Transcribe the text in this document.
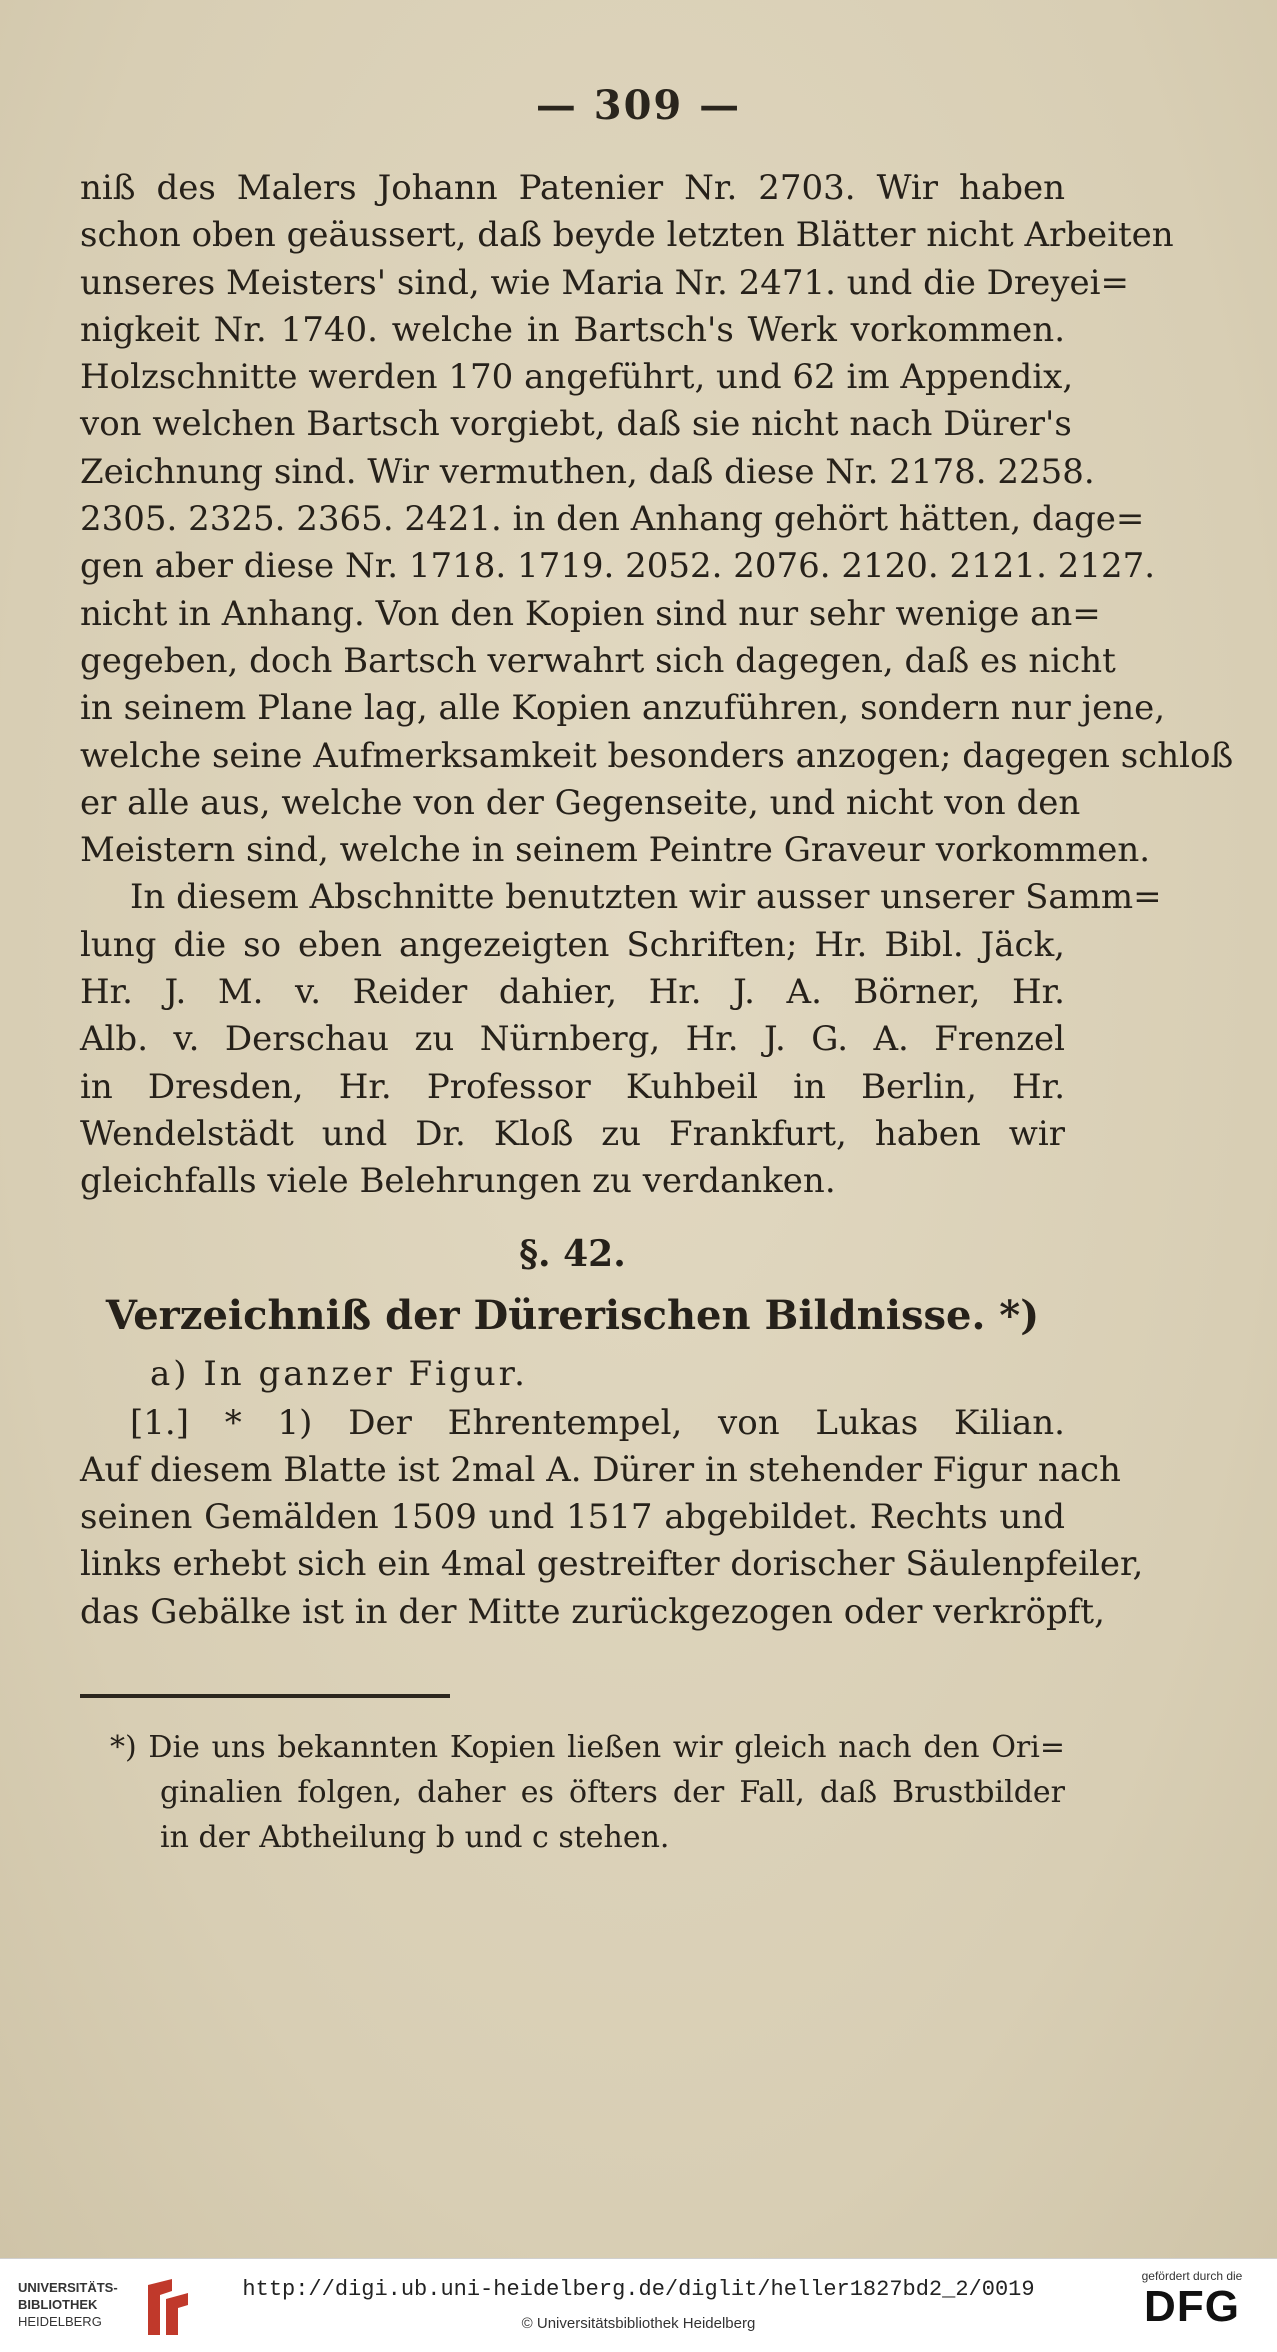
— 309 —
niß des Malers Johann Patenier Nr. 2703. Wir haben
schon oben geäussert, daß beyde letzten Blätter nicht Arbeiten
unseres Meisters' sind, wie Maria Nr. 2471. und die Dreyei=
nigkeit Nr. 1740. welche in Bartsch's Werk vorkommen.
Holzschnitte werden 170 angeführt, und 62 im Appendix,
von welchen Bartsch vorgiebt, daß sie nicht nach Dürer's
Zeichnung sind. Wir vermuthen, daß diese Nr. 2178. 2258.
2305. 2325. 2365. 2421. in den Anhang gehört hätten, dage=
gen aber diese Nr. 1718. 1719. 2052. 2076. 2120. 2121. 2127.
nicht in Anhang. Von den Kopien sind nur sehr wenige an=
gegeben, doch Bartsch verwahrt sich dagegen, daß es nicht
in seinem Plane lag, alle Kopien anzuführen, sondern nur jene,
welche seine Aufmerksamkeit besonders anzogen; dagegen schloß
er alle aus, welche von der Gegenseite, und nicht von den
Meistern sind, welche in seinem Peintre Graveur vorkommen.
In diesem Abschnitte benutzten wir ausser unserer Samm=
lung die so eben angezeigten Schriften; Hr. Bibl. Jäck,
Hr. J. M. v. Reider dahier, Hr. J. A. Börner, Hr.
Alb. v. Derschau zu Nürnberg, Hr. J. G. A. Frenzel
in Dresden, Hr. Professor Kuhbeil in Berlin, Hr.
Wendelstädt und Dr. Kloß zu Frankfurt, haben wir
gleichfalls viele Belehrungen zu verdanken.
§. 42.
Verzeichniß der Dürerischen Bildnisse. *)
a) In ganzer Figur.
[1.] * 1) Der Ehrentempel, von Lukas Kilian.
Auf diesem Blatte ist 2mal A. Dürer in stehender Figur nach
seinen Gemälden 1509 und 1517 abgebildet. Rechts und
links erhebt sich ein 4mal gestreifter dorischer Säulenpfeiler,
das Gebälke ist in der Mitte zurückgezogen oder verkröpft,
*) Die uns bekannten Kopien ließen wir gleich nach den Ori=
ginalien folgen, daher es öfters der Fall, daß Brustbilder
in der Abtheilung b und c stehen.
UNIVERSITÄTS-
BIBLIOTHEK
HEIDELBERG
http://digi.ub.uni-heidelberg.de/diglit/heller1827bd2_2/0019
© Universitätsbibliothek Heidelberg
gefördert durch die
DFG
